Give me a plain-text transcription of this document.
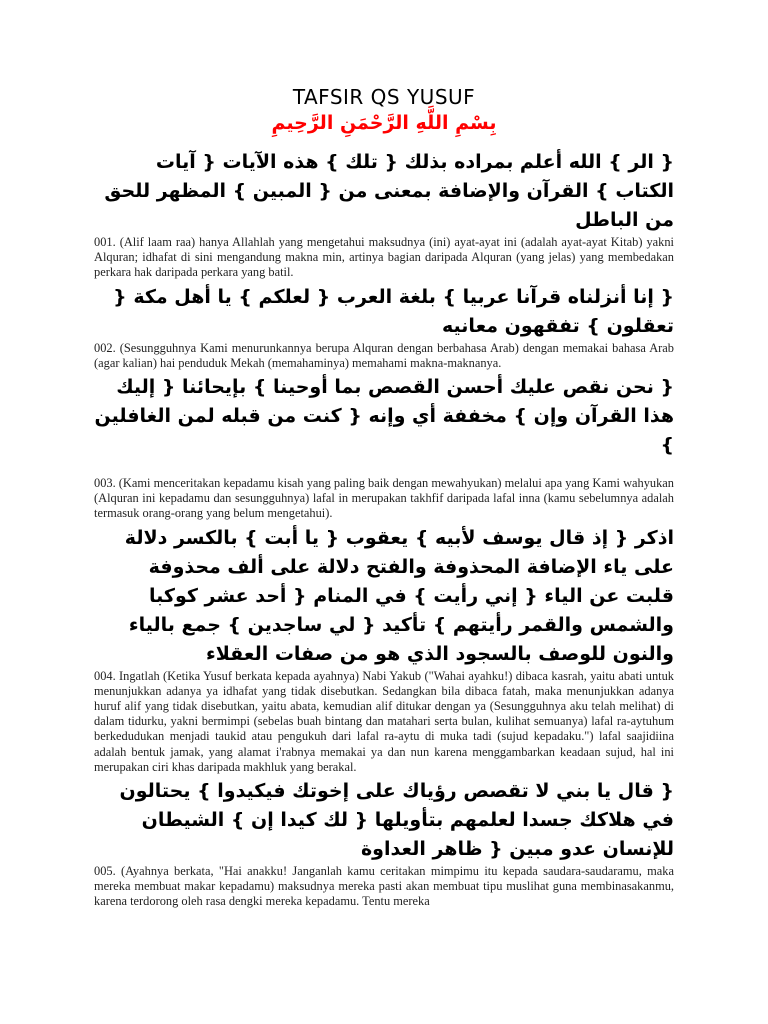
TAFSIR QS YUSUF
بِسْمِ اللَّهِ الرَّحْمَنِ الرَّحِيمِ
{ الر } الله أعلم بمراده بذلك { تلك } هذه الآيات { آيات الكتاب } القرآن والإضافة بمعنى من { المبين } المظهر للحق من الباطل

001. (Alif laam raa) hanya Allahlah yang mengetahui maksudnya (ini) ayat-ayat ini (adalah ayat-ayat Kitab) yakni Alquran; idhafat di sini mengandung makna min, artinya bagian daripada Alquran (yang jelas) yang membedakan perkara hak daripada perkara yang batil.

{ إنا أنزلناه قرآنا عربيا } بلغة العرب { لعلكم } يا أهل مكة { تعقلون } تفقهون معانيه

002. (Sesungguhnya Kami menurunkannya berupa Alquran dengan berbahasa Arab) dengan memakai bahasa Arab (agar kalian) hai penduduk Mekah (memahaminya) memahami makna-maknanya.

{ نحن نقص عليك أحسن القصص بما أوحينا } بإيحائنا { إليك هذا القرآن وإن } مخففة أي وإنه { كنت من قبله لمن الغافلين }

003. (Kami menceritakan kepadamu kisah yang paling baik dengan mewahyukan) melalui apa yang Kami wahyukan (Alquran ini kepadamu dan sesungguhnya) lafal in merupakan takhfif daripada lafal inna (kamu sebelumnya adalah termasuk orang-orang yang belum mengetahui).

اذكر { إذ قال يوسف لأبيه } يعقوب { يا أبت } بالكسر دلالة على ياء الإضافة المحذوفة والفتح دلالة على ألف محذوفة قلبت عن الياء { إني رأيت } في المنام { أحد عشر كوكبا والشمس والقمر رأيتهم } تأكيد { لي ساجدين } جمع بالياء والنون للوصف بالسجود الذي هو من صفات العقلاء

004. Ingatlah (Ketika Yusuf berkata kepada ayahnya) Nabi Yakub ("Wahai ayahku!) dibaca kasrah, yaitu abati untuk menunjukkan adanya ya idhafat yang tidak disebutkan. Sedangkan bila dibaca fatah, maka menunjukkan adanya huruf alif yang tidak disebutkan, yaitu abata, kemudian alif ditukar dengan ya (Sesungguhnya aku telah melihat) di dalam tidurku, yakni bermimpi (sebelas buah bintang dan matahari serta bulan, kulihat semuanya) lafal ra-aytuhum berkedudukan menjadi taukid atau pengukuh dari lafal ra-aytu di muka tadi (sujud kepadaku.") lafal saajidiina adalah bentuk jamak, yang alamat i'rabnya memakai ya dan nun karena menggambarkan keadaan sujud, hal ini merupakan ciri khas daripada makhluk yang berakal.

{ قال يا بني لا تقصص رؤياك على إخوتك فيكيدوا } يحتالون في هلاكك جسدا لعلمهم بتأويلها { لك كيدا إن } الشيطان للإنسان عدو مبين { ظاهر العداوة

005. (Ayahnya berkata, "Hai anakku! Janganlah kamu ceritakan mimpimu itu kepada saudara-saudaramu, maka mereka membuat makar kepadamu) maksudnya mereka pasti akan membuat tipu muslihat guna membinasakanmu, karena terdorong oleh rasa dengki mereka kepadamu. Tentu mereka
